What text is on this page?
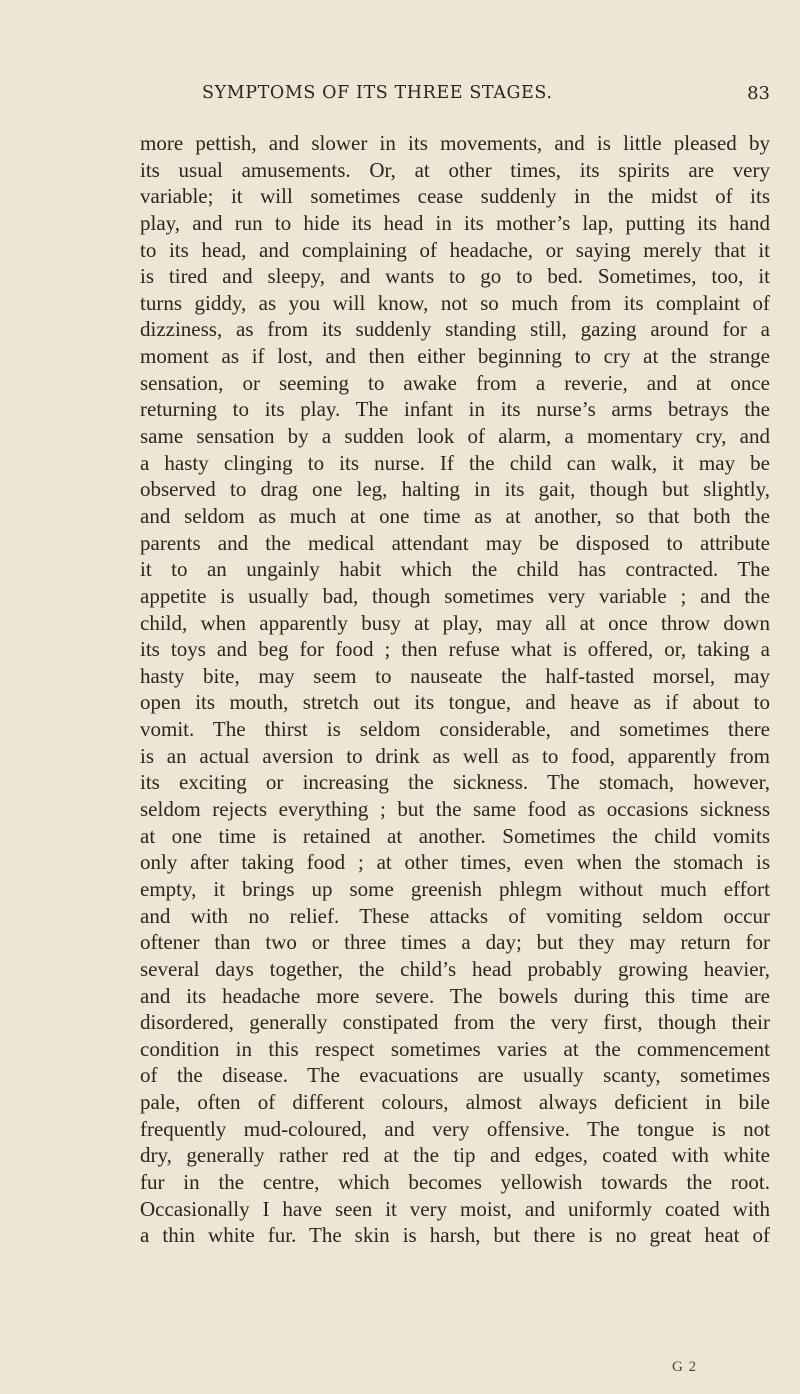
SYMPTOMS OF ITS THREE STAGES.	83
more pettish, and slower in its movements, and is little pleased by
its usual amusements. Or, at other times, its spirits are very
variable; it will sometimes cease suddenly in the midst of its
play, and run to hide its head in its mother’s lap, putting its hand
to its head, and complaining of headache, or saying merely that it
is tired and sleepy, and wants to go to bed. Sometimes, too, it
turns giddy, as you will know, not so much from its complaint of
dizziness, as from its suddenly standing still, gazing around for a
moment as if lost, and then either beginning to cry at the strange
sensation, or seeming to awake from a reverie, and at once
returning to its play. The infant in its nurse’s arms betrays the
same sensation by a sudden look of alarm, a momentary cry, and
a hasty clinging to its nurse. If the child can walk, it may be
observed to drag one leg, halting in its gait, though but slightly,
and seldom as much at one time as at another, so that both the
parents and the medical attendant may be disposed to attribute
it to an ungainly habit which the child has contracted. The
appetite is usually bad, though sometimes very variable ; and the
child, when apparently busy at play, may all at once throw down
its toys and beg for food ; then refuse what is offered, or, taking a
hasty bite, may seem to nauseate the half-tasted morsel, may
open its mouth, stretch out its tongue, and heave as if about to
vomit. The thirst is seldom considerable, and sometimes there
is an actual aversion to drink as well as to food, apparently from
its exciting or increasing the sickness. The stomach, however,
seldom rejects everything ; but the same food as occasions sickness
at one time is retained at another. Sometimes the child vomits
only after taking food ; at other times, even when the stomach is
empty, it brings up some greenish phlegm without much effort
and with no relief. These attacks of vomiting seldom occur
oftener than two or three times a day; but they may return for
several days together, the child’s head probably growing heavier,
and its headache more severe. The bowels during this time are
disordered, generally constipated from the very first, though their
condition in this respect sometimes varies at the commencement
of the disease. The evacuations are usually scanty, sometimes
pale, often of different colours, almost always deficient in bile
frequently mud-coloured, and very offensive. The tongue is not
dry, generally rather red at the tip and edges, coated with white
fur in the centre, which becomes yellowish towards the root.
Occasionally I have seen it very moist, and uniformly coated with
a thin white fur. The skin is harsh, but there is no great heat of
G 2
